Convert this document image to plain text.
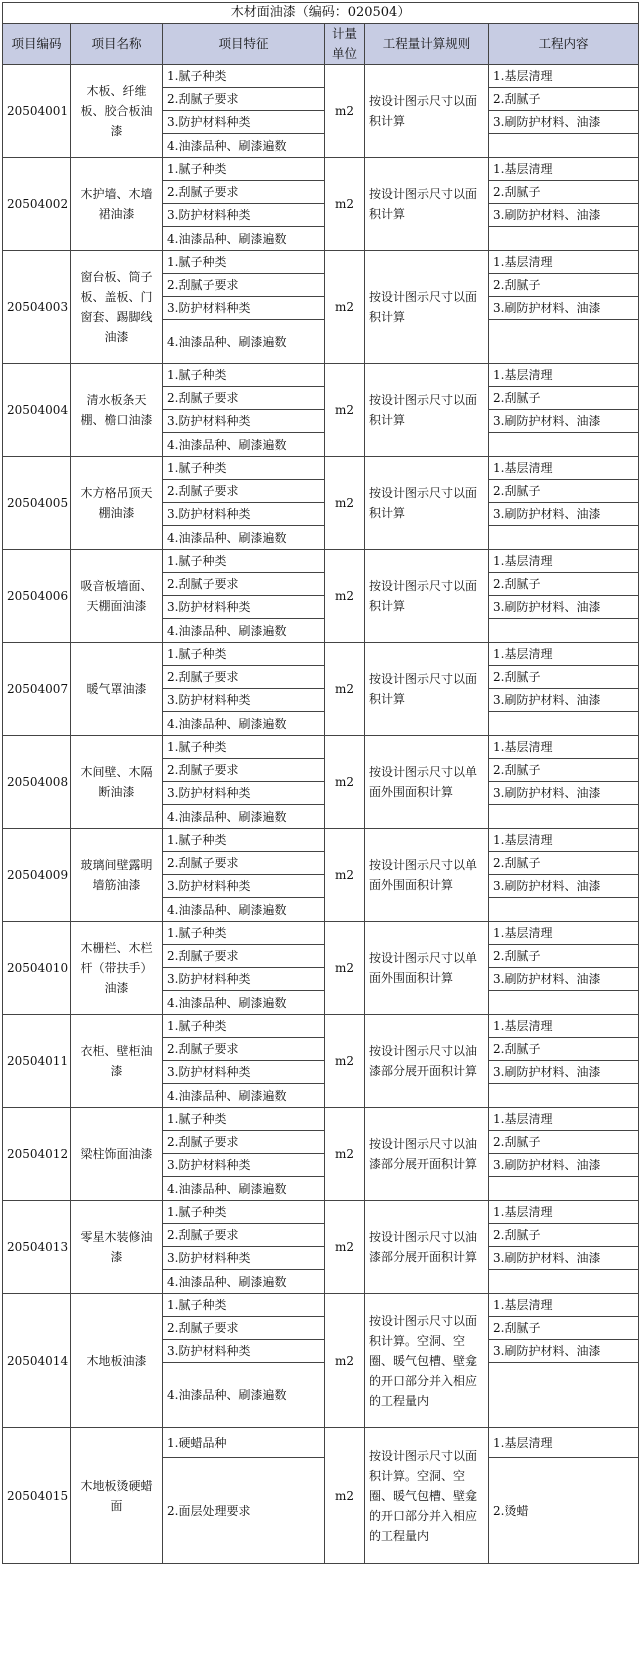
木材面油漆（编码：020504）					
项目编码	项目名称	项目特征	计量单位	工程量计算规则	工程内容
20504001	木板、纤维板、胶合板油漆	1.腻子种类	m2	按设计图示尺寸以面积计算	1.基层清理
		2.刮腻子要求			2.刮腻子
		3.防护材料种类			3.刷防护材料、油漆
		4.油漆品种、刷漆遍数			
20504002	木护墙、木墙裙油漆	1.腻子种类	m2	按设计图示尺寸以面积计算	1.基层清理
		2.刮腻子要求			2.刮腻子
		3.防护材料种类			3.刷防护材料、油漆
		4.油漆品种、刷漆遍数			
20504003	窗台板、筒子板、盖板、门窗套、踢脚线油漆	1.腻子种类	m2	按设计图示尺寸以面积计算	1.基层清理
		2.刮腻子要求			2.刮腻子
		3.防护材料种类			3.刷防护材料、油漆
		4.油漆品种、刷漆遍数			
20504004	清水板条天棚、檐口油漆	1.腻子种类	m2	按设计图示尺寸以面积计算	1.基层清理
		2.刮腻子要求			2.刮腻子
		3.防护材料种类			3.刷防护材料、油漆
		4.油漆品种、刷漆遍数			
20504005	木方格吊顶天棚油漆	1.腻子种类	m2	按设计图示尺寸以面积计算	1.基层清理
		2.刮腻子要求			2.刮腻子
		3.防护材料种类			3.刷防护材料、油漆
		4.油漆品种、刷漆遍数			
20504006	吸音板墙面、天棚面油漆	1.腻子种类	m2	按设计图示尺寸以面积计算	1.基层清理
		2.刮腻子要求			2.刮腻子
		3.防护材料种类			3.刷防护材料、油漆
		4.油漆品种、刷漆遍数			
20504007	暖气罩油漆	1.腻子种类	m2	按设计图示尺寸以面积计算	1.基层清理
		2.刮腻子要求			2.刮腻子
		3.防护材料种类			3.刷防护材料、油漆
		4.油漆品种、刷漆遍数			
20504008	木间壁、木隔断油漆	1.腻子种类	m2	按设计图示尺寸以单面外围面积计算	1.基层清理
		2.刮腻子要求			2.刮腻子
		3.防护材料种类			3.刷防护材料、油漆
		4.油漆品种、刷漆遍数			
20504009	玻璃间壁露明墙筋油漆	1.腻子种类	m2	按设计图示尺寸以单面外围面积计算	1.基层清理
		2.刮腻子要求			2.刮腻子
		3.防护材料种类			3.刷防护材料、油漆
		4.油漆品种、刷漆遍数			
20504010	木栅栏、木栏杆（带扶手）油漆	1.腻子种类	m2	按设计图示尺寸以单面外围面积计算	1.基层清理
		2.刮腻子要求			2.刮腻子
		3.防护材料种类			3.刷防护材料、油漆
		4.油漆品种、刷漆遍数			
20504011	衣柜、壁柜油漆	1.腻子种类	m2	按设计图示尺寸以油漆部分展开面积计算	1.基层清理
		2.刮腻子要求			2.刮腻子
		3.防护材料种类			3.刷防护材料、油漆
		4.油漆品种、刷漆遍数			
20504012	梁柱饰面油漆	1.腻子种类	m2	按设计图示尺寸以油漆部分展开面积计算	1.基层清理
		2.刮腻子要求			2.刮腻子
		3.防护材料种类			3.刷防护材料、油漆
		4.油漆品种、刷漆遍数			
20504013	零星木装修油漆	1.腻子种类	m2	按设计图示尺寸以油漆部分展开面积计算	1.基层清理
		2.刮腻子要求			2.刮腻子
		3.防护材料种类			3.刷防护材料、油漆
		4.油漆品种、刷漆遍数			
20504014	木地板油漆	1.腻子种类	m2	按设计图示尺寸以面积计算。空洞、空圈、暖气包槽、壁龛的开口部分并入相应的工程量内	1.基层清理
		2.刮腻子要求			2.刮腻子
		3.防护材料种类			3.刷防护材料、油漆
		4.油漆品种、刷漆遍数			
20504015	木地板烫硬蜡面	1.硬蜡品种	m2	按设计图示尺寸以面积计算。空洞、空圈、暖气包槽、壁龛的开口部分并入相应的工程量内	1.基层清理
		2.面层处理要求			2.烫蜡
